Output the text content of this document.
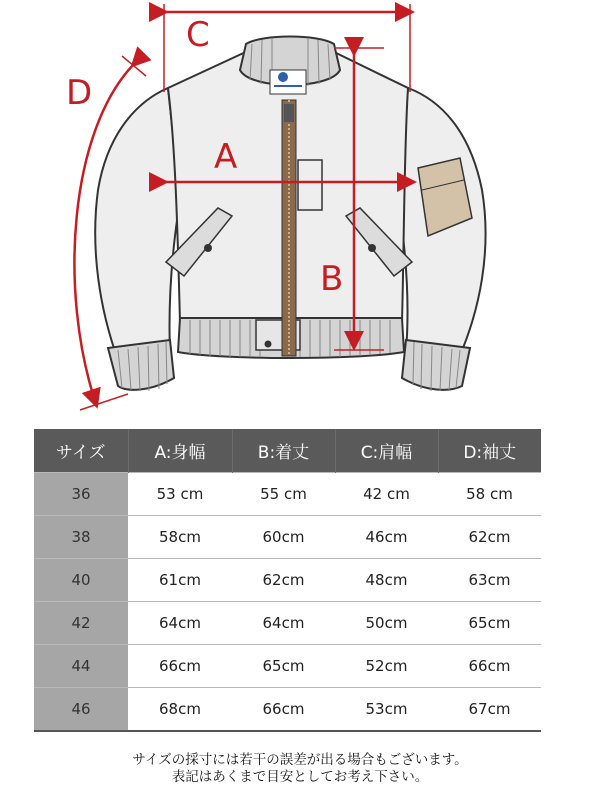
C
D
A
B
サイズ	A:身幅	B:着丈	C:肩幅	D:袖丈
36	53 cm	55 cm	42 cm	58 cm
38	58cm	60cm	46cm	62cm
40	61cm	62cm	48cm	63cm
42	64cm	64cm	50cm	65cm
44	66cm	65cm	52cm	66cm
46	68cm	66cm	53cm	67cm
サイズの採寸には若干の誤差が出る場合もございます。
表記はあくまで目安としてお考え下さい。
